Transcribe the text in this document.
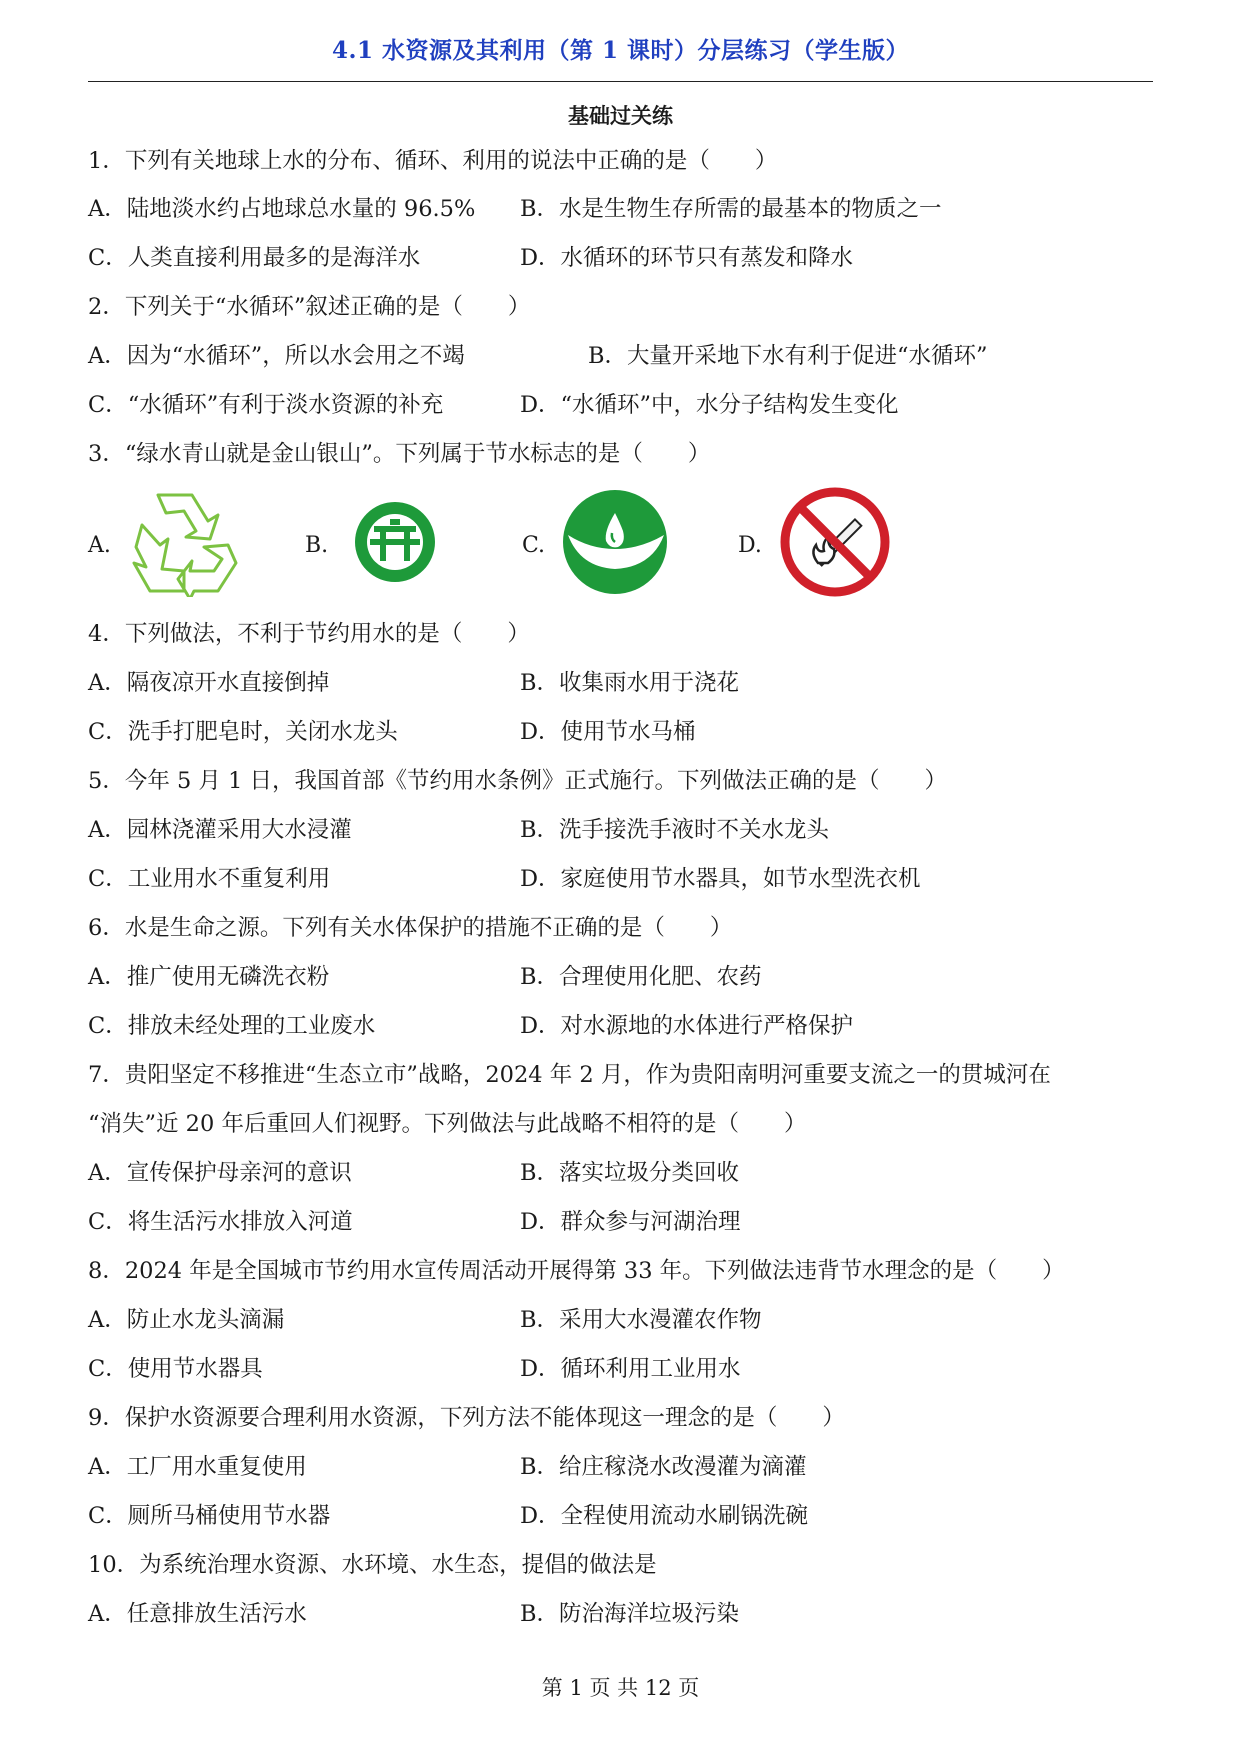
4.1 水资源及其利用（第 1 课时）分层练习（学生版）
基础过关练
1．下列有关地球上水的分布、循环、利用的说法中正确的是（　　）
A．陆地淡水约占地球总水量的 96.5% B．水是生物生存所需的最基本的物质之一
C．人类直接利用最多的是海洋水	D．水循环的环节只有蒸发和降水
2．下列关于“水循环”叙述正确的是（　　）
A．因为“水循环”，所以水会用之不竭	B．大量开采地下水有利于促进“水循环”
C．“水循环”有利于淡水资源的补充	D．“水循环”中，水分子结构发生变化
3．“绿水青山就是金山银山”。下列属于节水标志的是（　　）
A.	B.	C.	D.
4．下列做法，不利于节约用水的是（　　）
A．隔夜凉开水直接倒掉	B．收集雨水用于浇花
C．洗手打肥皂时，关闭水龙头	D．使用节水马桶
5．今年 5 月 1 日，我国首部《节约用水条例》正式施行。下列做法正确的是（　　）
A．园林浇灌采用大水浸灌	B．洗手接洗手液时不关水龙头
C．工业用水不重复利用	D．家庭使用节水器具，如节水型洗衣机
6．水是生命之源。下列有关水体保护的措施不正确的是（　　）
A．推广使用无磷洗衣粉	B．合理使用化肥、农药
C．排放未经处理的工业废水	D．对水源地的水体进行严格保护
7．贵阳坚定不移推进“生态立市”战略，2024 年 2 月，作为贵阳南明河重要支流之一的贯城河在
“消失”近 20 年后重回人们视野。下列做法与此战略不相符的是（　　）
A．宣传保护母亲河的意识	B．落实垃圾分类回收
C．将生活污水排放入河道	D．群众参与河湖治理
8．2024 年是全国城市节约用水宣传周活动开展得第 33 年。下列做法违背节水理念的是（　　）
A．防止水龙头滴漏	B．采用大水漫灌农作物
C．使用节水器具	D．循环利用工业用水
9．保护水资源要合理利用水资源，下列方法不能体现这一理念的是（　　）
A．工厂用水重复使用	B．给庄稼浇水改漫灌为滴灌
C．厕所马桶使用节水器	D．全程使用流动水刷锅洗碗
10．为系统治理水资源、水环境、水生态，提倡的做法是
A．任意排放生活污水	B．防治海洋垃圾污染
第 1 页 共 12 页
